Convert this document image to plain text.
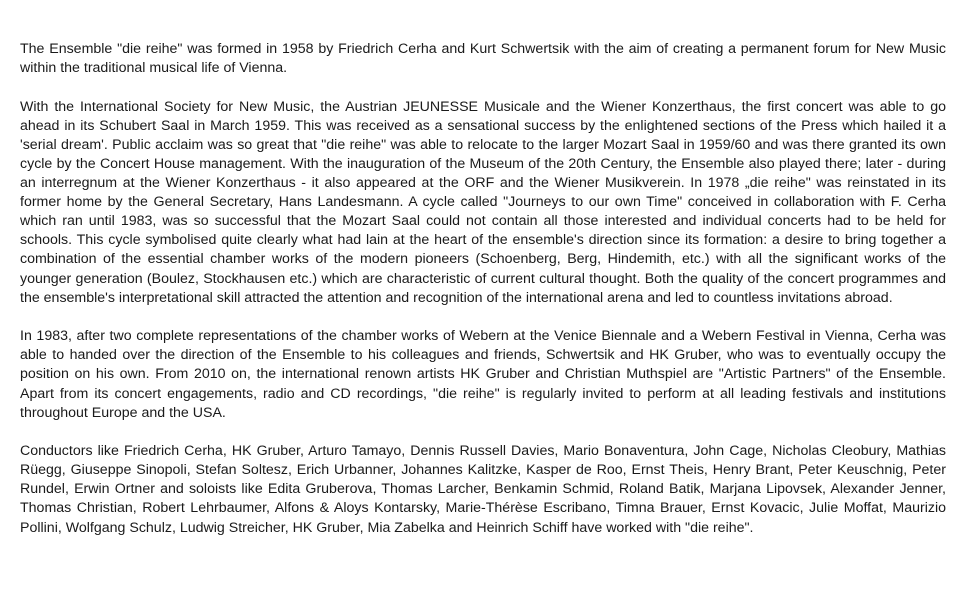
The Ensemble "die reihe" was formed in 1958 by Friedrich Cerha and Kurt Schwertsik with the aim of creating a permanent forum for New Music within the traditional musical life of Vienna.

With the International Society for New Music, the Austrian JEUNESSE Musicale and the Wiener Konzerthaus, the first concert was able to go ahead in its Schubert Saal in March 1959. This was received as a sensational success by the enlightened sections of the Press which hailed it a 'serial dream'. Public acclaim was so great that "die reihe" was able to relocate to the larger Mozart Saal in 1959/60 and was there granted its own cycle by the Concert House management. With the inauguration of the Museum of the 20th Century, the Ensemble also played there; later - during an interregnum at the Wiener Konzerthaus - it also appeared at the ORF and the Wiener Musikverein. In 1978 „die reihe" was reinstated in its former home by the General Secretary, Hans Landesmann. A cycle called "Journeys to our own Time" conceived in collaboration with F. Cerha which ran until 1983, was so successful that the Mozart Saal could not contain all those interested and individual concerts had to be held for schools. This cycle symbolised quite clearly what had lain at the heart of the ensemble's direction since its formation: a desire to bring together a combination of the essential chamber works of the modern pioneers (Schoenberg, Berg, Hindemith, etc.) with all the significant works of the younger generation (Boulez, Stockhausen etc.) which are characteristic of current cultural thought. Both the quality of the concert programmes and the ensemble's interpretational skill attracted the attention and recognition of the international arena and led to countless invitations abroad.

In 1983, after two complete representations of the chamber works of Webern at the Venice Biennale and a Webern Festival in Vienna, Cerha was able to handed over the direction of the Ensemble to his colleagues and friends, Schwertsik and HK Gruber, who was to eventually occupy the position on his own. From 2010 on, the international renown artists HK Gruber and Christian Muthspiel are "Artistic Partners" of the Ensemble. Apart from its concert engagements, radio and CD recordings, "die reihe" is regularly invited to perform at all leading festivals and institutions throughout Europe and the USA.

Conductors like Friedrich Cerha, HK Gruber, Arturo Tamayo, Dennis Russell Davies, Mario Bonaventura, John Cage, Nicholas Cleobury, Mathias Rüegg, Giuseppe Sinopoli, Stefan Soltesz, Erich Urbanner, Johannes Kalitzke, Kasper de Roo, Ernst Theis, Henry Brant, Peter Keuschnig, Peter Rundel, Erwin Ortner and soloists like Edita Gruberova, Thomas Larcher, Benkamin Schmid, Roland Batik, Marjana Lipovsek, Alexander Jenner, Thomas Christian, Robert Lehrbaumer, Alfons & Aloys Kontarsky, Marie-Thérèse Escribano, Timna Brauer, Ernst Kovacic, Julie Moffat, Maurizio Pollini, Wolfgang Schulz, Ludwig Streicher, HK Gruber, Mia Zabelka and Heinrich Schiff have worked with "die reihe".
